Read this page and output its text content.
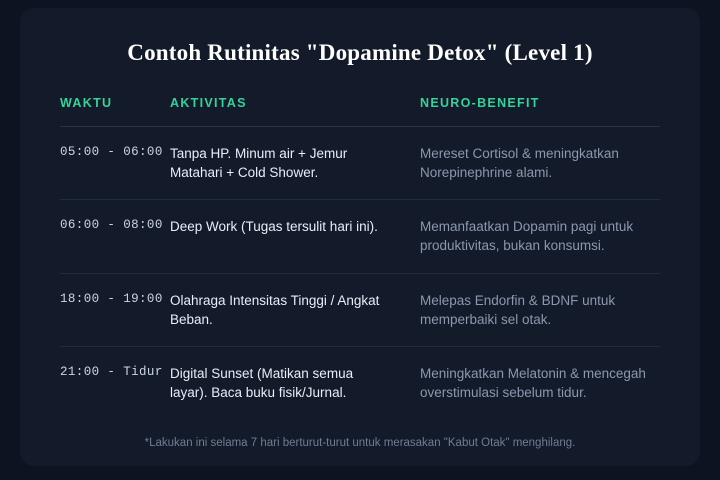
Contoh Rutinitas "Dopamine Detox" (Level 1)
WAKTU	AKTIVITAS	NEURO-BENEFIT
05:00 - 06:00	Tanpa HP. Minum air + Jemur Matahari + Cold Shower.	Mereset Cortisol & meningkatkan Norepinephrine alami.
06:00 - 08:00	Deep Work (Tugas tersulit hari ini).	Memanfaatkan Dopamin pagi untuk produktivitas, bukan konsumsi.
18:00 - 19:00	Olahraga Intensitas Tinggi / Angkat Beban.	Melepas Endorfin & BDNF untuk memperbaiki sel otak.
21:00 - Tidur	Digital Sunset (Matikan semua layar). Baca buku fisik/Jurnal.	Meningkatkan Melatonin & mencegah overstimulasi sebelum tidur.
*Lakukan ini selama 7 hari berturut-turut untuk merasakan "Kabut Otak" menghilang.
